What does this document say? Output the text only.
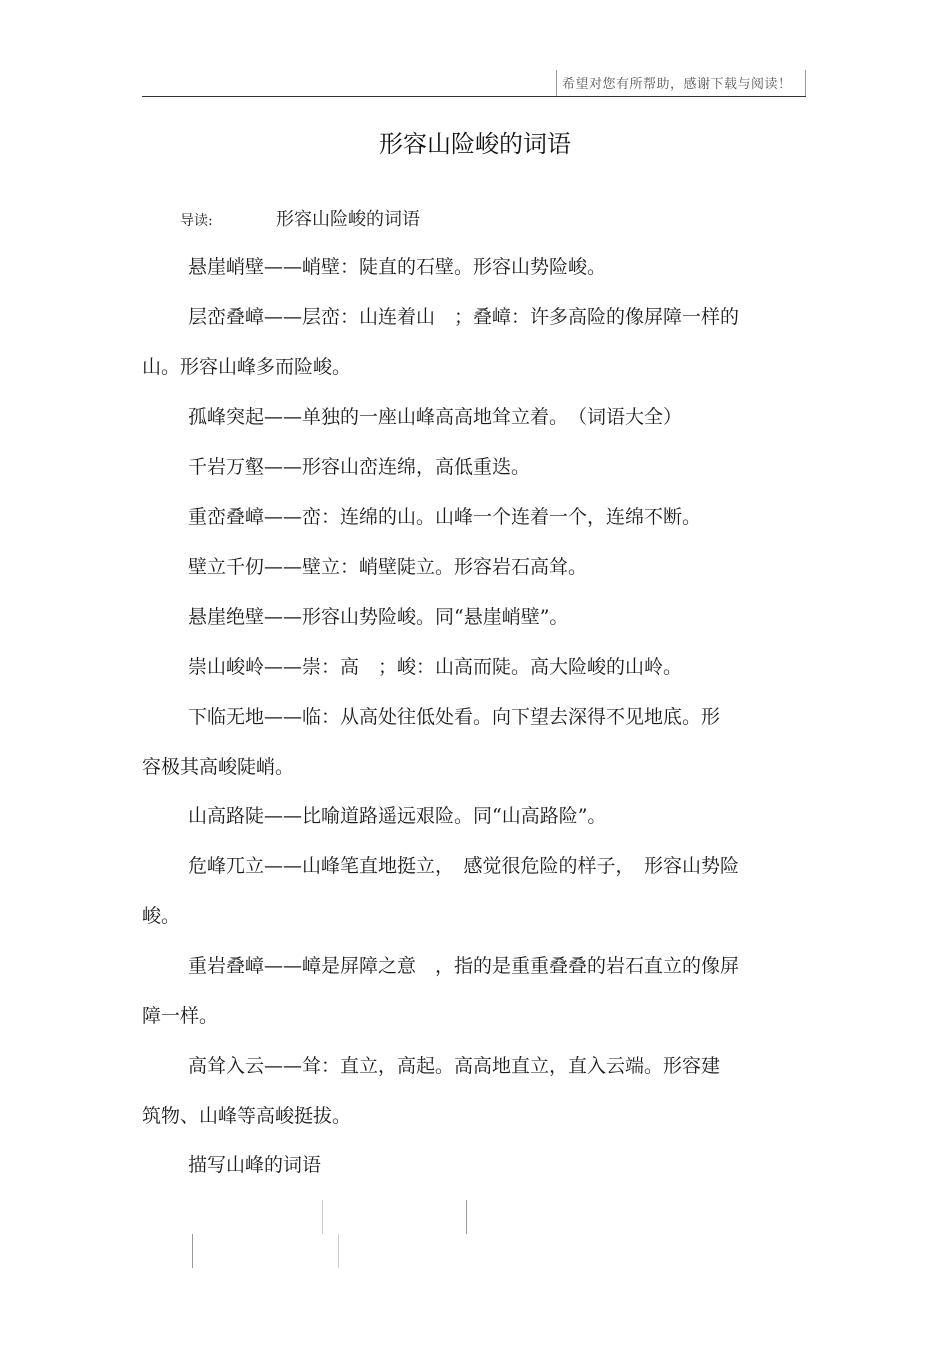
希望对您有所帮助，感谢下载与阅读！
形容山险峻的词语
导读:	形容山险峻的词语
悬崖峭壁——峭壁：陡直的石壁。形容山势险峻。
层峦叠嶂——层峦：山连着山　；叠嶂：许多高险的像屏障一样的
山。形容山峰多而险峻。
孤峰突起——单独的一座山峰高高地耸立着。　（词语大全）
千岩万壑——形容山峦连绵，高低重迭。
重峦叠嶂——峦：连绵的山。山峰一个连着一个，连绵不断。
壁立千仞——壁立：峭壁陡立。形容岩石高耸。
悬崖绝壁——形容山势险峻。同“悬崖峭壁”。
崇山峻岭——崇：高　；峻：山高而陡。高大险峻的山岭。
下临无地——临：从高处往低处看。向下望去深得不见地底。形
容极其高峻陡峭。
山高路陡——比喻道路遥远艰险。同“山高路险”。
危峰兀立——山峰笔直地挺立，　感觉很危险的样子，　形容山势险
峻。
重岩叠嶂——嶂是屏障之意　，指的是重重叠叠的岩石直立的像屏
障一样。
高耸入云——耸：直立，高起。高高地直立，直入云端。形容建
筑物、山峰等高峻挺拔。
描写山峰的词语
